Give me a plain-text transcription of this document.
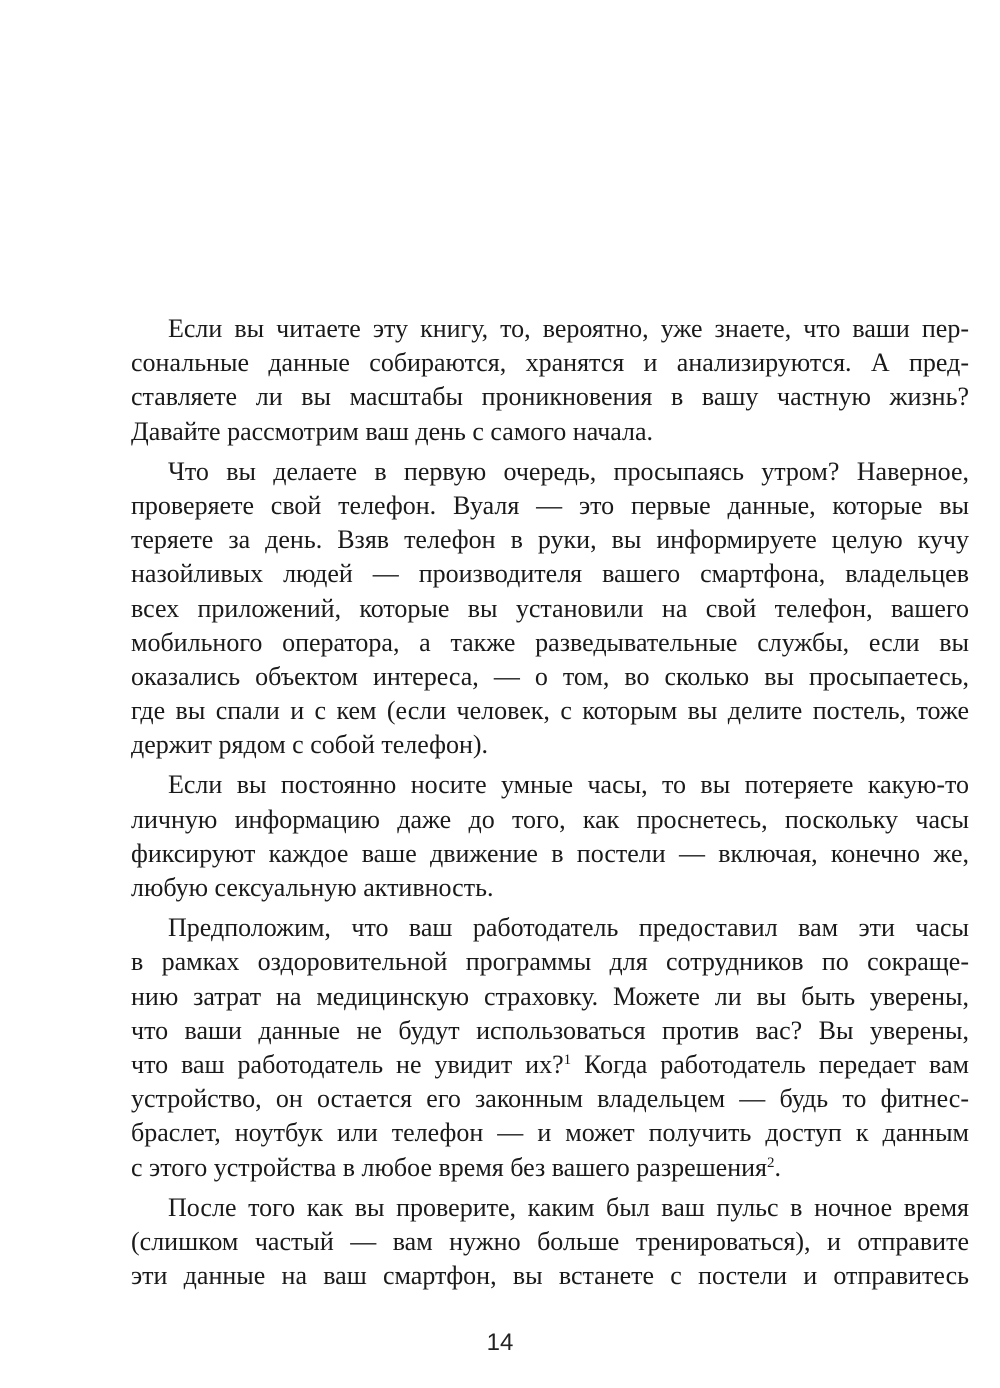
Если вы читаете эту книгу, то, вероятно, уже знаете, что ваши пер-
сональные данные собираются, хранятся и анализируются. А пред-
ставляете ли вы масштабы проникновения в вашу частную жизнь?
Давайте рассмотрим ваш день с самого начала.
Что вы делаете в первую очередь, просыпаясь утром? Наверное,
проверяете свой телефон. Вуаля — это первые данные, которые вы
теряете за день. Взяв телефон в руки, вы информируете целую кучу
назойливых людей — производителя вашего смартфона, владельцев
всех приложений, которые вы установили на свой телефон, вашего
мобильного оператора, а также разведывательные службы, если вы
оказались объектом интереса, — о том, во сколько вы просыпаетесь,
где вы спали и с кем (если человек, с которым вы делите постель, тоже
держит рядом с собой телефон).
Если вы постоянно носите умные часы, то вы потеряете какую-то
личную информацию даже до того, как проснетесь, поскольку часы
фиксируют каждое ваше движение в постели — включая, конечно же,
любую сексуальную активность.
Предположим, что ваш работодатель предоставил вам эти часы
в рамках оздоровительной программы для сотрудников по сокраще-
нию затрат на медицинскую страховку. Можете ли вы быть уверены,
что ваши данные не будут использоваться против вас? Вы уверены,
что ваш работодатель не увидит их?$^1$ Когда работодатель передает вам
устройство, он остается его законным владельцем — будь то фитнес-
браслет, ноутбук или телефон — и может получить доступ к данным
с этого устройства в любое время без вашего разрешения$^2$.
После того как вы проверите, каким был ваш пульс в ночное время
(слишком частый — вам нужно больше тренироваться), и отправите
эти данные на ваш смартфон, вы встанете с постели и отправитесь
14
